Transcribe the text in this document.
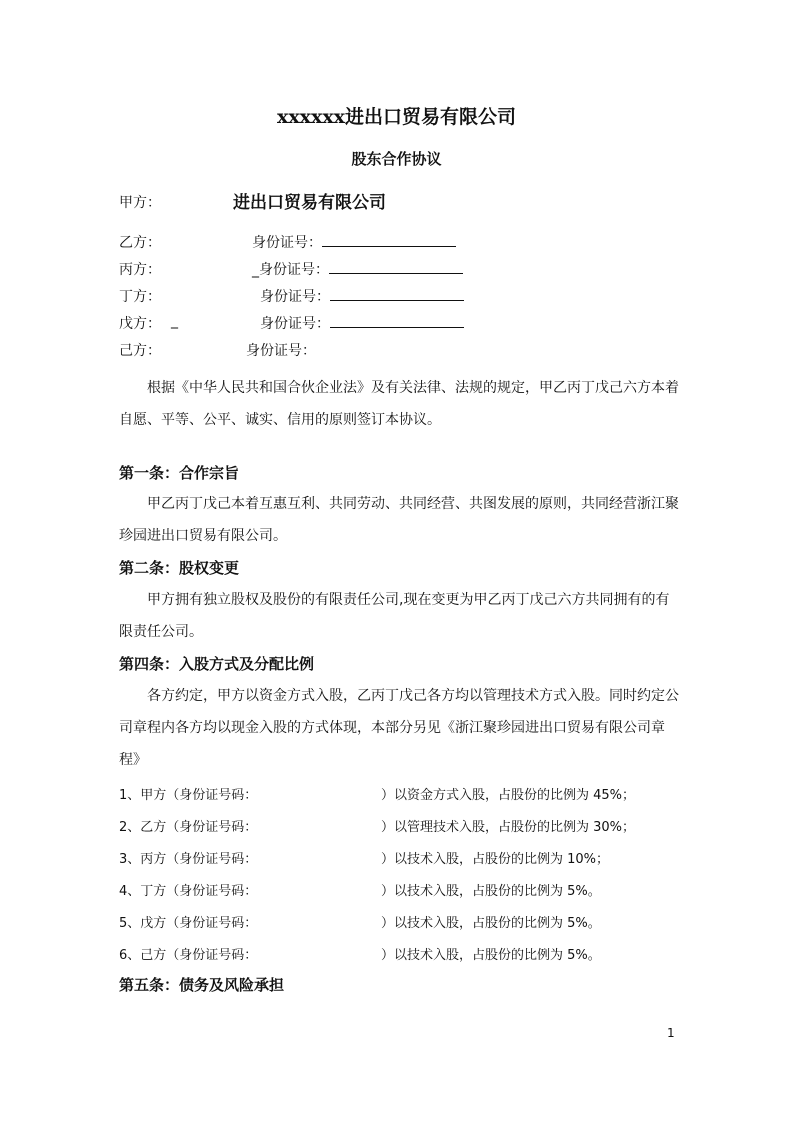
xxxxxx进出口贸易有限公司
股东合作协议
甲方：	进出口贸易有限公司
乙方：	身份证号：
丙方：	_身份证号：
丁方：	身份证号：
戊方： _	身份证号：
己方：	身份证号：
根据《中华人民共和国合伙企业法》及有关法律、法规的规定，甲乙丙丁戊己六方本着自愿、平等、公平、诚实、信用的原则签订本协议。
第一条：合作宗旨
甲乙丙丁戊己本着互惠互利、共同劳动、共同经营、共图发展的原则，共同经营浙江聚珍园进出口贸易有限公司。
第二条：股权变更
甲方拥有独立股权及股份的有限责任公司,现在变更为甲乙丙丁戊己六方共同拥有的有限责任公司。
第四条：入股方式及分配比例
各方约定，甲方以资金方式入股，乙丙丁戊己各方均以管理技术方式入股。同时约定公司章程内各方均以现金入股的方式体现，本部分另见《浙江聚珍园进出口贸易有限公司章程》
1、甲方（身份证号码：	）以资金方式入股，占股份的比例为 45%；
2、乙方（身份证号码：	）以管理技术入股，占股份的比例为 30%；
3、丙方（身份证号码：	）以技术入股，占股份的比例为 10%；
4、丁方（身份证号码：	）以技术入股，占股份的比例为 5%。
5、戊方（身份证号码：	）以技术入股，占股份的比例为 5%。
6、己方（身份证号码：	）以技术入股，占股份的比例为 5%。
第五条：债务及风险承担
1
